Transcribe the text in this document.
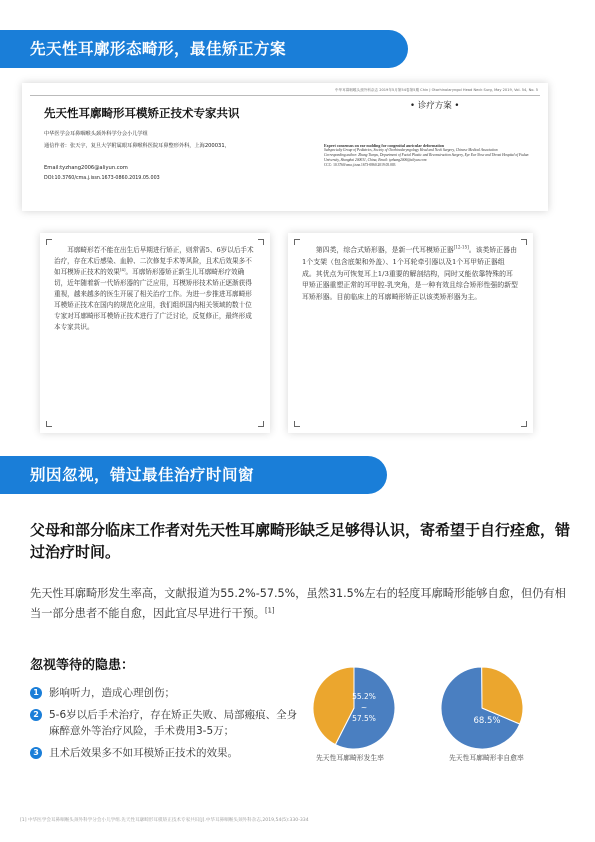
先天性耳廓形态畸形，最佳矫正方案
中华耳鼻咽喉头颈外科杂志 2019年5月第54卷第5期 Chin J Otorhinolaryngol Head Neck Surg, May 2019, Vol. 54, No. 5
先天性耳廓畸形耳模矫正技术专家共识	• 诊疗方案 •
中华医学会耳鼻咽喉头颈外科学分会小儿学组
通信作者：张天宇，复旦大学附属眼耳鼻喉科医院耳鼻整形外科，上海200031，
Email:tyzhang2006@aliyun.com
DOI:10.3760/cma.j.issn.1673-0860.2019.05.003
Expert consensus on ear molding for congenital auricular deformation
Subspecialty Group of Pediatrics, Society of Otorhinolaryngology Head and Neck Surgery, Chinese Medical Association
Corresponding author: Zhang Tianyu, Department of Facial Plastic and Reconstruction Surgery, Eye Ear Nose and Throat Hospital of Fudan University, Shanghai 200031, China, Email: tyzhang2006@aliyun.com
CCC: 10.3760/cma.j.issn.1673-0860.2019.05.003

耳廓畸形若不能在出生后早期进行矫正，则常需5、6岁以后手术治疗，存在术后感染、血肿、二次修复手术等风险，且术后效果多不如耳模矫正技术的效果[4]。耳廓矫形器矫正新生儿耳廓畸形疗效确切，近年随着新一代矫形器的广泛应用，耳模矫形技术矫正逐渐获得重视，越来越多的医生开展了相关治疗工作。为进一步推进耳廓畸形耳模矫正技术在国内的规范化应用，我们组织国内相关领域的数十位专家对耳廓畸形耳模矫正技术进行了广泛讨论，反复修正，最终形成本专家共识。

第四类，综合式矫形器，是新一代耳模矫正器[12-15]。该类矫正器由1个支架（包含底架和外盖）、1个耳轮牵引器以及1个耳甲矫正器组成。其优点为可恢复耳上1/3重要的解剖结构，同时又能依靠特殊的耳甲矫正器重塑正常的耳甲腔-乳突角，是一种有效且综合矫形性强的新型耳矫形器。目前临床上的耳廓畸形矫正以该类矫形器为主。

别因忽视，错过最佳治疗时间窗
父母和部分临床工作者对先天性耳廓畸形缺乏足够得认识，寄希望于自行痊愈，错过治疗时间。
先天性耳廓畸形发生率高，文献报道为55.2%-57.5%，虽然31.5%左右的轻度耳廓畸形能够自愈，但仍有相当一部分患者不能自愈，因此宜尽早进行干预。[1]
忽视等待的隐患：
1 影响听力，造成心理创伤；
2 5-6岁以后手术治疗，存在矫正失败、局部瘢痕、全身麻醉意外等治疗风险，手术费用3-5万；
3 且术后效果多不如耳模矫正技术的效果。
55.2%
~
57.5%
先天性耳廓畸形发生率
68.5%
先天性耳廓畸形非自愈率
[1] 中华医学会耳鼻咽喉头颈外科学分会小儿学组.先天性耳廓畸形耳模矫正技术专家共识[J].中华耳鼻咽喉头颈外科杂志,2019,54(5):330-334
